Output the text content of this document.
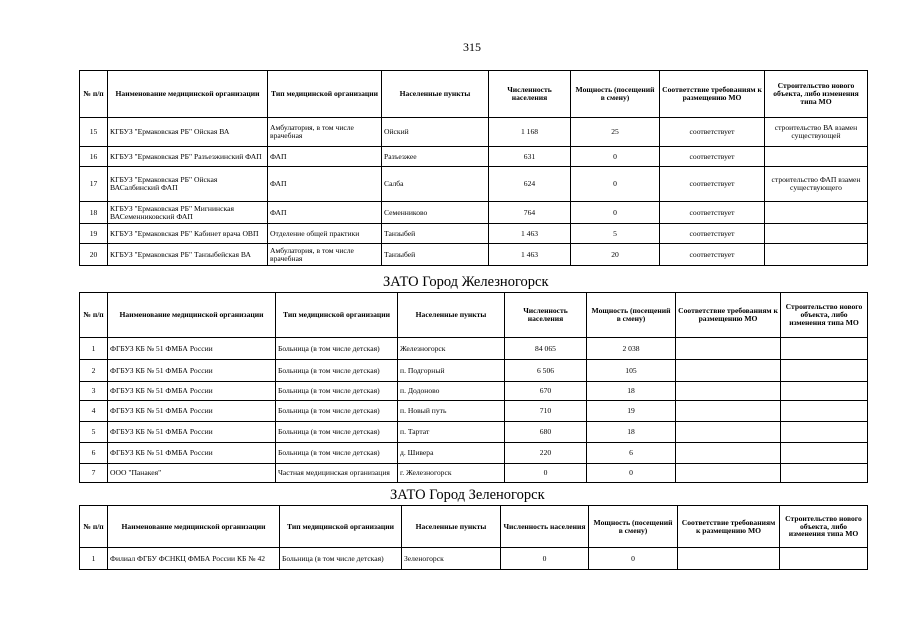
315
№ п/п	Наименование медицинской организации	Тип медицинской организации	Населенные пункты	Численность населения	Мощность (посещений в смену)	Соответствие требованиям к размещению МО	Строительство нового объекта, либо изменения типа МО
15	КГБУЗ "Ермаковская РБ" Ойская ВА	Амбулатория, в том числе врачебная	Ойский	1 168	25	соответствует	строительство ВА взамен существующей
16	КГБУЗ "Ермаковская РБ" Разъезжинский ФАП	ФАП	Разъезжее	631	0	соответствует	
17	КГБУЗ "Ермаковская РБ" Ойская ВАСалбинский ФАП	ФАП	Салба	624	0	соответствует	строительство ФАП взамен существующего
18	КГБУЗ "Ермаковская РБ" Мигнинская ВАСеменниковский ФАП	ФАП	Семенниково	764	0	соответствует	
19	КГБУЗ "Ермаковская РБ" Кабинет врача ОВП	Отделение общей практики	Танзыбей	1 463	5	соответствует	
20	КГБУЗ "Ермаковская РБ" Танзыбейская ВА	Амбулатория, в том числе врачебная	Танзыбей	1 463	20	соответствует	
ЗАТО Город Железногорск
№ п/п	Наименование медицинской организации	Тип медицинской организации	Населенные пункты	Численность населения	Мощность (посещений в смену)	Соответствие требованиям к размещению МО	Строительство нового объекта, либо изменения типа МО
1	ФГБУЗ КБ № 51 ФМБА России	Больница (в том числе детская)	Железногорск	84 065	2 038		
2	ФГБУЗ КБ № 51 ФМБА России	Больница (в том числе детская)	п. Подгорный	6 506	105		
3	ФГБУЗ КБ № 51 ФМБА России	Больница (в том числе детская)	п. Додоново	670	18		
4	ФГБУЗ КБ № 51 ФМБА России	Больница (в том числе детская)	п. Новый путь	710	19		
5	ФГБУЗ КБ № 51 ФМБА России	Больница (в том числе детская)	п. Тартат	680	18		
6	ФГБУЗ КБ № 51 ФМБА России	Больница (в том числе детская)	д. Шивера	220	6		
7	ООО "Панакея"	Частная медицинская организация	г. Железногорск	0	0		
ЗАТО Город Зеленогорск
№ п/п	Наименование медицинской организации	Тип медицинской организации	Населенные пункты	Численность населения	Мощность (посещений в смену)	Соответствие требованиям к размещению МО	Строительство нового объекта, либо изменения типа МО
1	Филиал ФГБУ ФСНКЦ ФМБА России КБ № 42	Больница (в том числе детская)	Зеленогорск	0	0		
